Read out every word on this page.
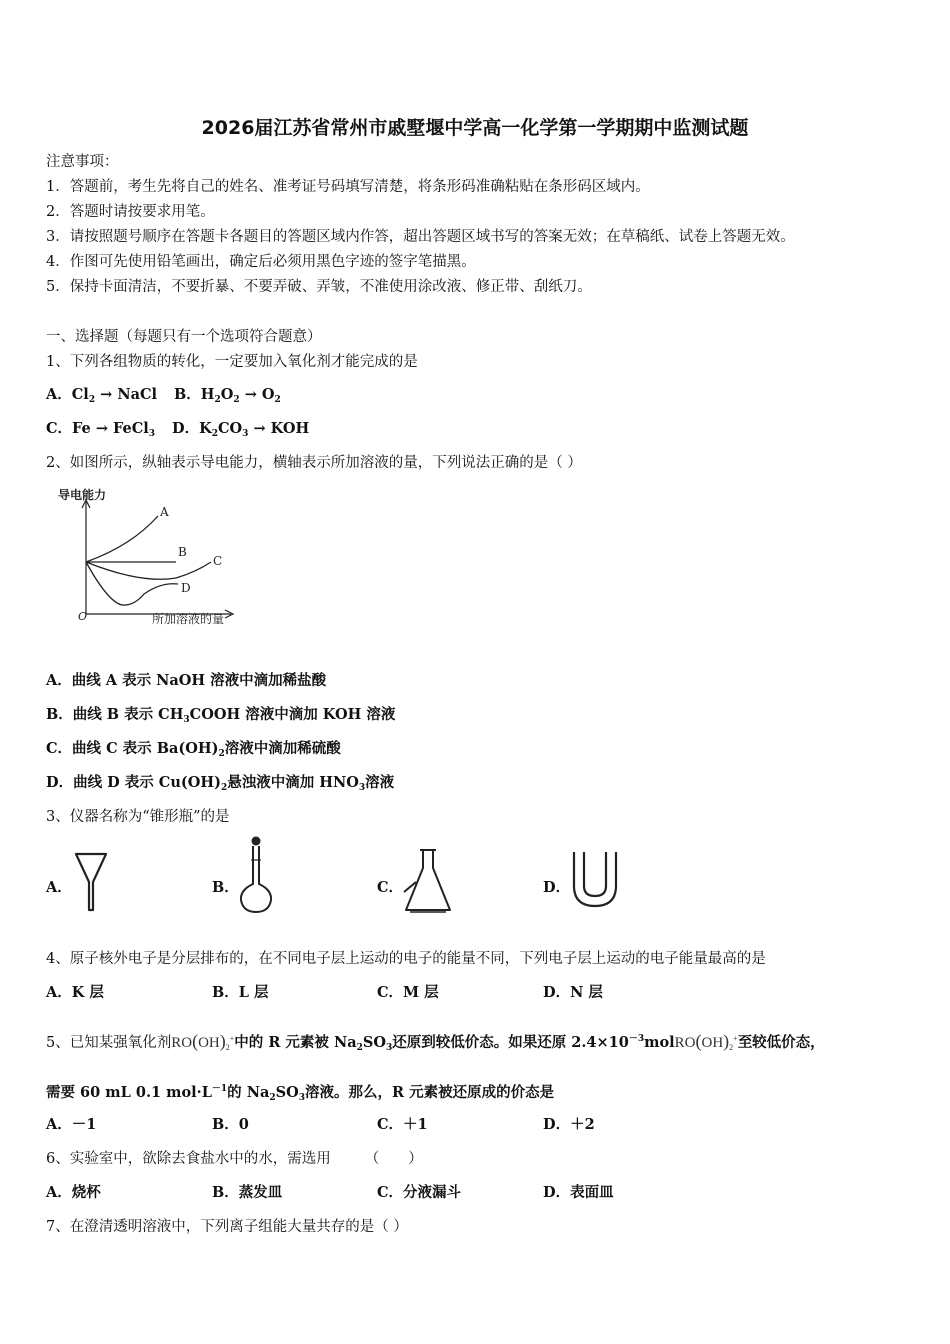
2026届江苏省常州市戚墅堰中学高一化学第一学期期中监测试题
注意事项：
1．答题前，考生先将自己的姓名、准考证号码填写清楚，将条形码准确粘贴在条形码区域内。
2．答题时请按要求用笔。
3．请按照题号顺序在答题卡各题目的答题区域内作答，超出答题区域书写的答案无效；在草稿纸、试卷上答题无效。
4．作图可先使用铅笔画出，确定后必须用黑色字迹的签字笔描黑。
5．保持卡面清洁，不要折暴、不要弄破、弄皱，不准使用涂改液、修正带、刮纸刀。
一、选择题（每题只有一个选项符合题意）
1、下列各组物质的转化，一定要加入氧化剂才能完成的是
A．$Cl_2$ → NaCl B．$H_2O_2 \to O_2$
C．Fe → FeCl$_3$ D．$K_2CO_3$ → KOH
2、如图所示，纵轴表示导电能力，横轴表示所加溶液的量，下列说法正确的是（ ）
导电能力
所加溶液的量
O
A
B
C
D
A．曲线 A 表示 NaOH 溶液中滴加稀盐酸
B．曲线 B 表示 $CH_3COOH$ 溶液中滴加 KOH 溶液
C．曲线 C 表示 $Ba(OH)_2$溶液中滴加稀硫酸
D．曲线 D 表示 $Cu(OH)_2$悬浊液中滴加 $HNO_3$溶液
3、仪器名称为“锥形瓶”的是
A．	B．	C．	D．
4、原子核外电子是分层排布的，在不同电子层上运动的电子的能量不同，下列电子层上运动的电子能量最高的是
A．K 层	B．L 层	C．M 层	D．N 层
5、已知某强氧化剂$RO(OH)_2^+$中的 R 元素被 $Na_2SO_3$还原到较低价态。如果还原 $2.4\times 10^{-3}molRO(OH)_2^+$至较低价态，
需要 60 mL 0.1 $mol\cdot L^{-1}$的 $Na_2SO_3$溶液。那么，R 元素被还原成的价态是
A．－1	B．0	C．＋1	D．＋2
6、实验室中，欲除去食盐水中的水，需选用 （　　）
A．烧杯	B．蒸发皿	C．分液漏斗	D．表面皿
7、在澄清透明溶液中，下列离子组能大量共存的是（ ）
